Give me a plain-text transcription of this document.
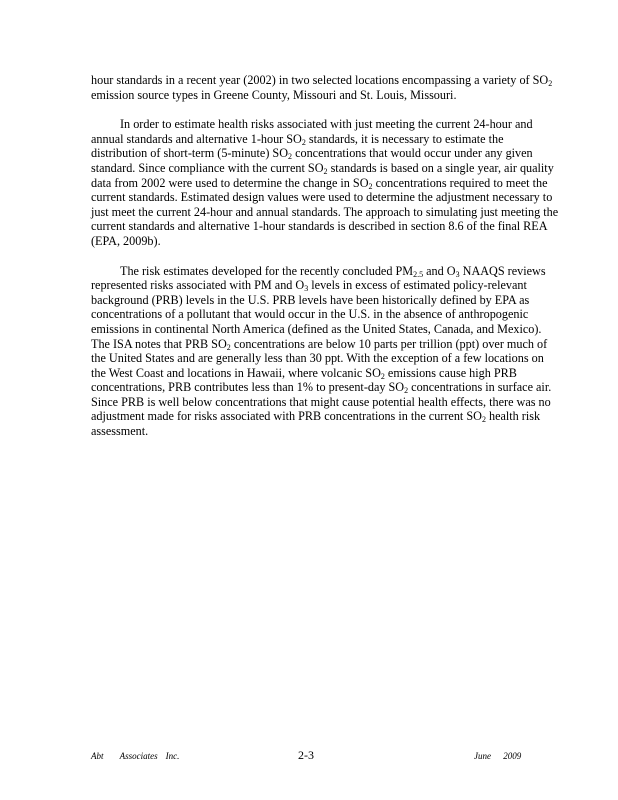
hour standards in a recent year (2002) in two selected locations encompassing a variety of $SO_2$ emission source types in Greene County, Missouri and St. Louis, Missouri.

In order to estimate health risks associated with just meeting the current 24-hour and annual standards and alternative 1-hour $SO_2$ standards, it is necessary to estimate the distribution of short-term (5-minute) $SO_2$ concentrations that would occur under any given standard. Since compliance with the current $SO_2$ standards is based on a single year, air quality data from 2002 were used to determine the change in $SO_2$ concentrations required to meet the current standards. Estimated design values were used to determine the adjustment necessary to just meet the current 24-hour and annual standards. The approach to simulating just meeting the current standards and alternative 1-hour standards is described in section 8.6 of the final REA (EPA, 2009b).

The risk estimates developed for the recently concluded $PM_{2.5}$ and $O_3$ NAAQS reviews represented risks associated with PM and $O_3$ levels in excess of estimated policy-relevant background (PRB) levels in the U.S. PRB levels have been historically defined by EPA as concentrations of a pollutant that would occur in the U.S. in the absence of anthropogenic emissions in continental North America (defined as the United States, Canada, and Mexico). The ISA notes that PRB $SO_2$ concentrations are below 10 parts per trillion (ppt) over much of the United States and are generally less than 30 ppt. With the exception of a few locations on the West Coast and locations in Hawaii, where volcanic $SO_2$ emissions cause high PRB concentrations, PRB contributes less than 1% to present-day $SO_2$ concentrations in surface air. Since PRB is well below concentrations that might cause potential health effects, there was no adjustment made for risks associated with PRB concentrations in the current $SO_2$ health risk assessment.

Abt Associates Inc.	2-3	June 2009
